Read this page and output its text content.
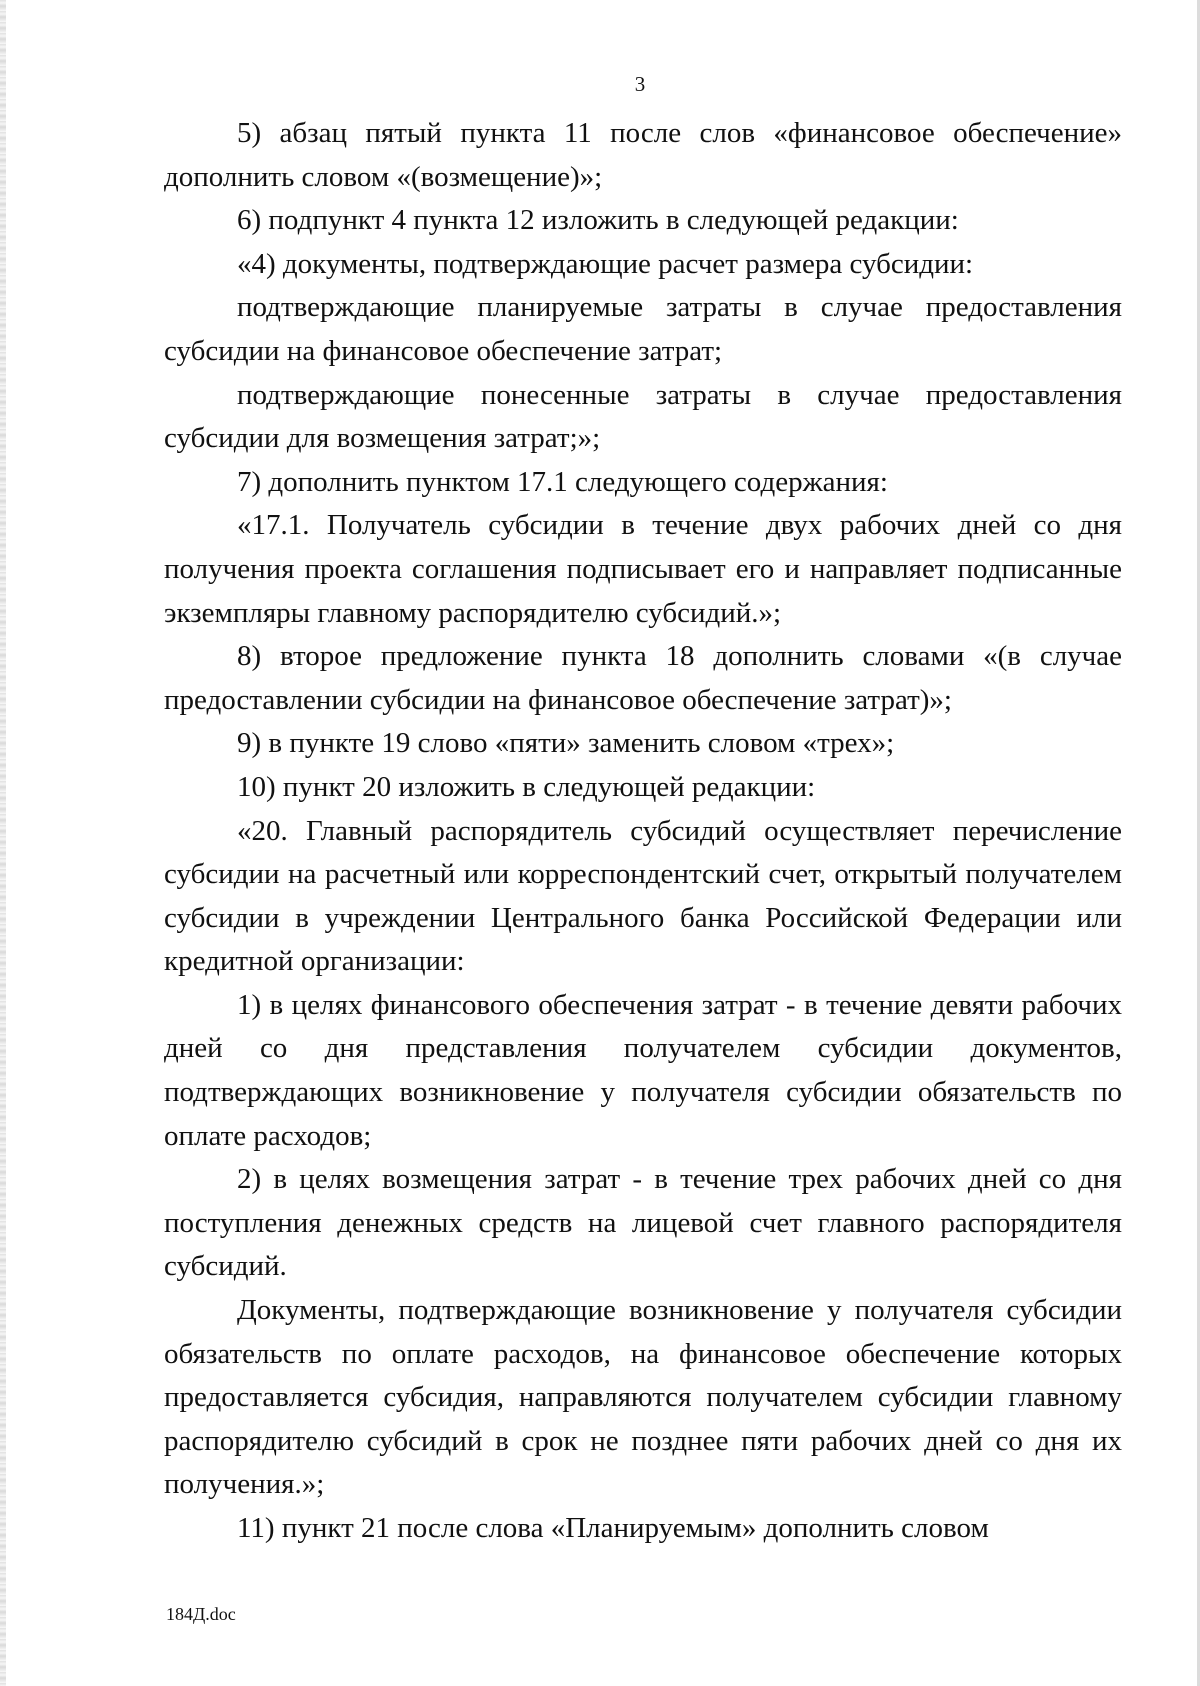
3

5) абзац пятый пункта 11 после слов «финансовое обеспечение» дополнить словом «(возмещение)»;

6) подпункт 4 пункта 12 изложить в следующей редакции:

«4) документы, подтверждающие расчет размера субсидии:

подтверждающие планируемые затраты в случае предоставления субсидии на финансовое обеспечение затрат;

подтверждающие понесенные затраты в случае предоставления субсидии для возмещения затрат;»;

7) дополнить пунктом 17.1 следующего содержания:

«17.1. Получатель субсидии в течение двух рабочих дней со дня получения проекта соглашения подписывает его и направляет подписанные экземпляры главному распорядителю субсидий.»;

8) второе предложение пункта 18 дополнить словами «(в случае предоставлении субсидии на финансовое обеспечение затрат)»;

9) в пункте 19 слово «пяти» заменить словом «трех»;

10) пункт 20 изложить в следующей редакции:

«20. Главный распорядитель субсидий осуществляет перечисление субсидии на расчетный или корреспондентский счет, открытый получателем субсидии в учреждении Центрального банка Российской Федерации или кредитной организации:

1) в целях финансового обеспечения затрат - в течение девяти рабочих дней со дня представления получателем субсидии документов, подтверждающих возникновение у получателя субсидии обязательств по оплате расходов;

2) в целях возмещения затрат - в течение трех рабочих дней со дня поступления денежных средств на лицевой счет главного распорядителя субсидий.

Документы, подтверждающие возникновение у получателя субсидии обязательств по оплате расходов, на финансовое обеспечение которых предоставляется субсидия, направляются получателем субсидии главному распорядителю субсидий в срок не позднее пяти рабочих дней со дня их получения.»;

11) пункт 21 после слова «Планируемым» дополнить словом

184Д.doc
